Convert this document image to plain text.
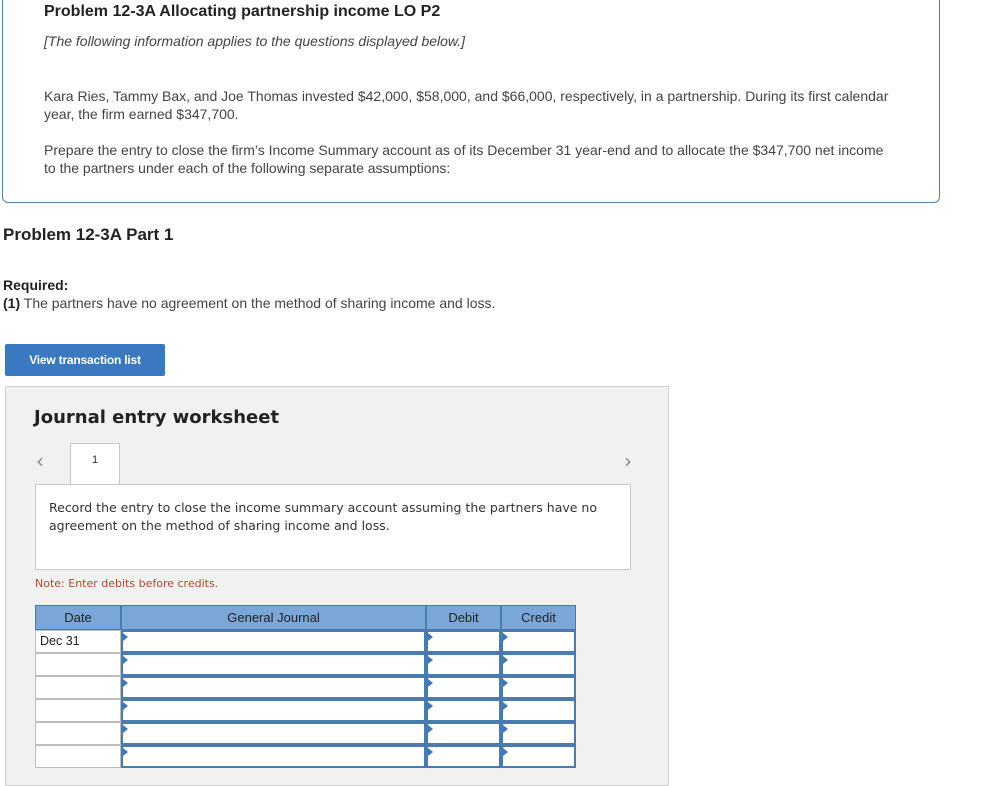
Problem 12-3A Allocating partnership income LO P2
[The following information applies to the questions displayed below.]
Kara Ries, Tammy Bax, and Joe Thomas invested $42,000, $58,000, and $66,000, respectively, in a partnership. During its first calendar year, the firm earned $347,700.
Prepare the entry to close the firm’s Income Summary account as of its December 31 year-end and to allocate the $347,700 net income to the partners under each of the following separate assumptions:
Problem 12-3A Part 1
Required:
(1) The partners have no agreement on the method of sharing income and loss.
View transaction list
Journal entry worksheet
‹	1	›
Record the entry to close the income summary account assuming the partners have no agreement on the method of sharing income and loss.
Note: Enter debits before credits.
Date	General Journal	Debit	Credit
Dec 31
